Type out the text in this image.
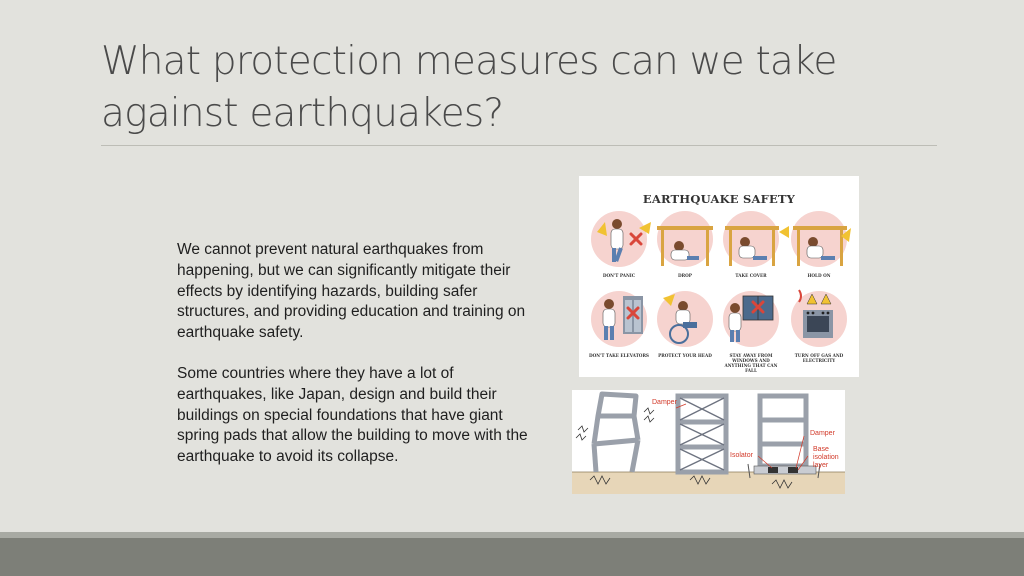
What protection measures can we take against earthquakes?

We cannot prevent natural earthquakes from happening, but we can significantly mitigate their effects by identifying hazards, building safer structures, and providing education and training on earthquake safety.

Some countries where they have a lot of earthquakes, like Japan, design and build their buildings on special foundations that have giant spring pads that allow the building to move with the earthquake to avoid its collapse.

EARTHQUAKE SAFETY
DON'T PANIC	DROP	TAKE COVER	HOLD ON
DON'T TAKE ELEVATORS	PROTECT YOUR HEAD	STAY AWAY FROM WINDOWS AND ANYTHING THAT CAN FALL
TURN OFF GAS AND ELECTRICITY
Damper
Damper
Isolator
Base isolation layer
